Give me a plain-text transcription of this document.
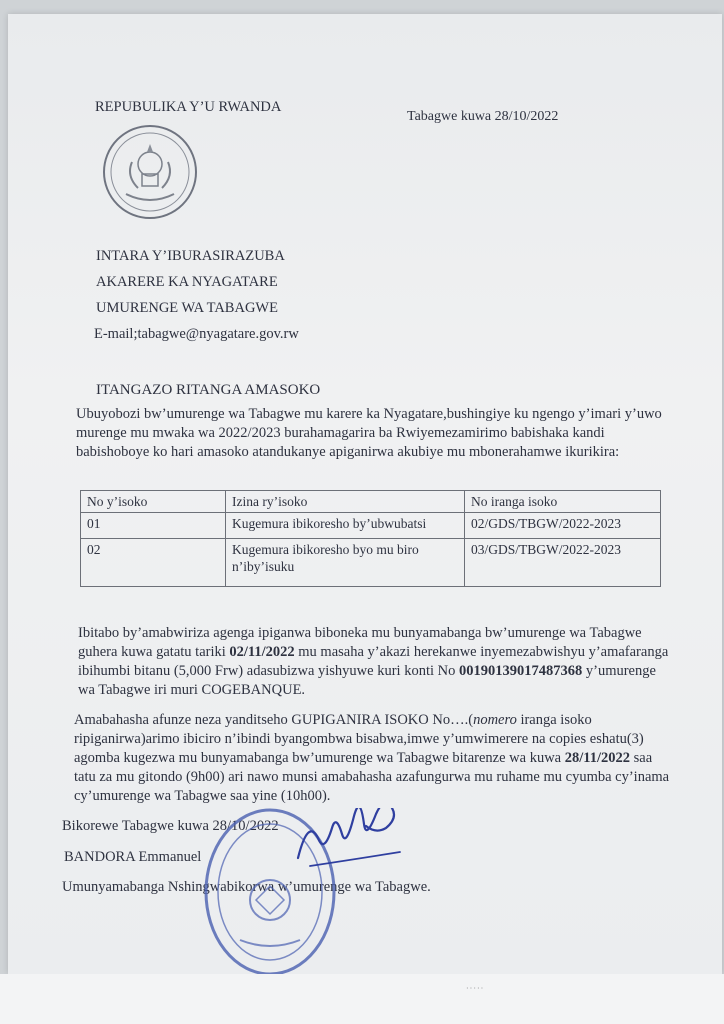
REPUBULIKA Y’U RWANDA
Tabagwe kuwa 28/10/2022
INTARA Y’IBURASIRAZUBA
AKARERE KA NYAGATARE
UMURENGE WA TABAGWE
E-mail;tabagwe@nyagatare.gov.rw
ITANGAZO RITANGA AMASOKO
Ubuyobozi bw’umurenge wa Tabagwe mu karere ka Nyagatare,bushingiye ku ngengo y’imari y’uwo murenge mu mwaka wa 2022/2023 burahamagarira ba Rwiyemezamirimo babishaka kandi babishoboye ko hari amasoko atandukanye apiganirwa akubiye mu mbonerahamwe ikurikira:
Ibitabo by’amabwiriza agenga ipiganwa biboneka mu bunyamabanga bw’umurenge wa Tabagwe guhera kuwa gatatu tariki 02/11/2022 mu masaha y’akazi herekanwe inyemezabwishyu y’amafaranga ibihumbi bitanu (5,000 Frw) adasubizwa yishyuwe kuri konti No 00190139017487368 y’umurenge wa Tabagwe iri muri COGEBANQUE.
Amabahasha afunze neza yanditseho GUPIGANIRA ISOKO No….(nomero iranga isoko ripiganirwa)arimo ibiciro n’ibindi byangombwa bisabwa,imwe y’umwimerere na copies eshatu(3) agomba kugezwa mu bunyamabanga bw’umurenge wa Tabagwe bitarenze wa kuwa 28/11/2022 saa tatu za mu gitondo (9h00) ari nawo munsi amabahasha azafungurwa mu ruhame mu cyumba cy’inama cy’umurenge wa Tabagwe saa yine (10h00).
Bikorewe Tabagwe kuwa 28/10/2022
BANDORA Emmanuel
Umunyamabanga Nshingwabikorwa w’umurenge wa Tabagwe.
No y’isoko	Izina ry’isoko	No iranga isoko
01	Kugemura ibikoresho by’ubwubatsi	02/GDS/TBGW/2022-2023
02	Kugemura ibikoresho byo mu biro n’iby’isuku	03/GDS/TBGW/2022-2023
·····
